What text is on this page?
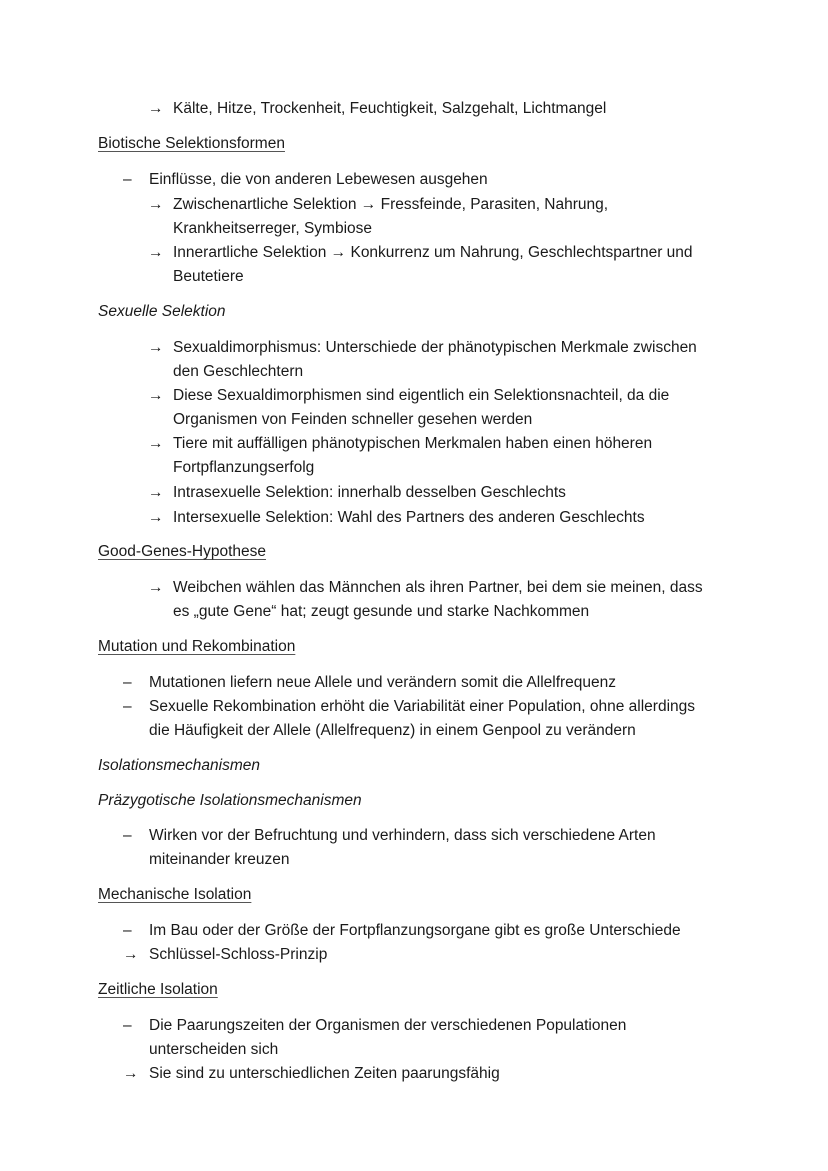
→ Kälte, Hitze, Trockenheit, Feuchtigkeit, Salzgehalt, Lichtmangel
Biotische Selektionsformen
– Einflüsse, die von anderen Lebewesen ausgehen
→ Zwischenartliche Selektion → Fressfeinde, Parasiten, Nahrung,
Krankheitserreger, Symbiose
→ Innerartliche Selektion → Konkurrenz um Nahrung, Geschlechtspartner und
Beutetiere
Sexuelle Selektion
→ Sexualdimorphismus: Unterschiede der phänotypischen Merkmale zwischen
den Geschlechtern
→ Diese Sexualdimorphismen sind eigentlich ein Selektionsnachteil, da die
Organismen von Feinden schneller gesehen werden
→ Tiere mit auffälligen phänotypischen Merkmalen haben einen höheren
Fortpflanzungserfolg
→ Intrasexuelle Selektion: innerhalb desselben Geschlechts
→ Intersexuelle Selektion: Wahl des Partners des anderen Geschlechts
Good-Genes-Hypothese
→ Weibchen wählen das Männchen als ihren Partner, bei dem sie meinen, dass
es „gute Gene“ hat; zeugt gesunde und starke Nachkommen
Mutation und Rekombination
– Mutationen liefern neue Allele und verändern somit die Allelfrequenz
– Sexuelle Rekombination erhöht die Variabilität einer Population, ohne allerdings
die Häufigkeit der Allele (Allelfrequenz) in einem Genpool zu verändern
Isolationsmechanismen
Präzygotische Isolationsmechanismen
– Wirken vor der Befruchtung und verhindern, dass sich verschiedene Arten
miteinander kreuzen
Mechanische Isolation
– Im Bau oder der Größe der Fortpflanzungsorgane gibt es große Unterschiede
→ Schlüssel-Schloss-Prinzip
Zeitliche Isolation
– Die Paarungszeiten der Organismen der verschiedenen Populationen
unterscheiden sich
→ Sie sind zu unterschiedlichen Zeiten paarungsfähig
